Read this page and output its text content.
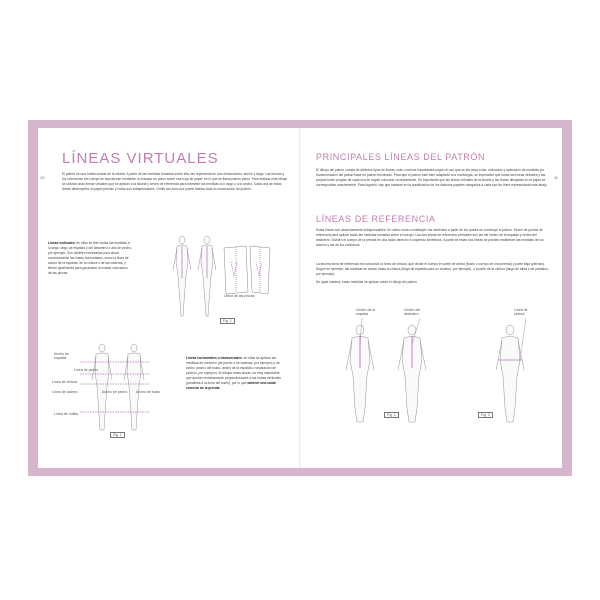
LÍNEAS VIRTUALES

El patrón es una huella exacta de la silueta. A partir de las medidas tomadas sobre ella, las representa en dos dimensiones: ancho y largo. Las formas y los volúmenes del cuerpo se reproducen mediante un trazado en plano sobre una hoja de papel: es lo que se llama patrón plano. Para realizar este dibujo se utilizan unas líneas virtuales que se aplican a la silueta y sirven de referencia para transferir las medidas a lo largo y a lo ancho. Cada una de estas líneas desempeña un papel preciso y todas son indispensables. Omitir tan solo una puede falsear toda la construcción del patrón.

Líneas verticales: en ellas se leen todas las medidas a lo largo: largo de espalda y del delantero o alto de pecho, por ejemplo. Son también necesarias para situar correctamente las líneas horizontales, como la línea de ancho de la espalda, de la cintura o de las caderas, y tienen igualmente para garantizar la exacta colocación de las pinzas.

Ubico de las pinzas
Fig. 1
Ancho de espalda
Línea de pecho
Línea de cintura
Línea de cadera	Ancho de pecho Ancho de busto
Línea de rodilla
Fig. 2

Líneas horizontales o transversales: en ellas se aplican las medidas de contorno (de pecho o de caderas, por ejemplo) y de ancho (ancho del busto, ancho de la espalda o separación de pechos, por ejemplo). Al dibujar estas líneas, es muy importante que queden estrictamente perpendiculares a las líneas verticales (paralelas a la línea del suelo), por lo que obtener una caída correcta de la prenda.

PRINCIPALES LÍNEAS DEL PATRÓN

El dibujo del patrón consta de distintos tipos de líneas, más o menos importantes según el uso que se les vaya a dar: indicación y aplicación de medidas y/o transformación del patrón base en patrón terminado. Para que el patrón esté bien adaptado a la morfología, es imperativo que todas las líneas virtuales y las proporciones propias de cada una se hayan colocado correctamente. Es importante que las líneas virtuales de la silueta y las líneas dibujadas en el papel se correspondan exactamente. Para lograrlo, hay que basarse en la clasificación de los distintos papeles otorgados a cada tipo de línea representada más abajo.

LÍNEAS DE REFERENCIA

Estas líneas son absolutamente indispensables. En cierto modo constituyen los cimientos a partir de los cuales se construye el patrón. Sirven de puntos de referencia para aplicar todas las medidas tomadas sobre el cuerpo. Las dos líneas de referencia verticales son las del centro de la espalda y centro del delantero. Dividen el cuerpo de la prenda en dos lados derecho e izquierdo simétricos. A partir de estas dos líneas se pueden establecer las medidas de los anchos y las de los contornos.

La tercera línea de referencia es horizontal: la línea de cintura, que divide el cuerpo en parte de arriba (busto o cuerpo de una prenda) y parte baja (piernas). Según se necesite, las medidas se toman hasta la cintura (largo de espalda para un chaleco, por ejemplo), o a partir de la cintura (largo de falda o de pantalón, por ejemplo).

De igual manera, estas medidas se aplican sobre el dibujo del patrón.

Centro de la espalda
Centro del delantero
Línea de cintura
Fig. 1	Fig. 3
10	11
